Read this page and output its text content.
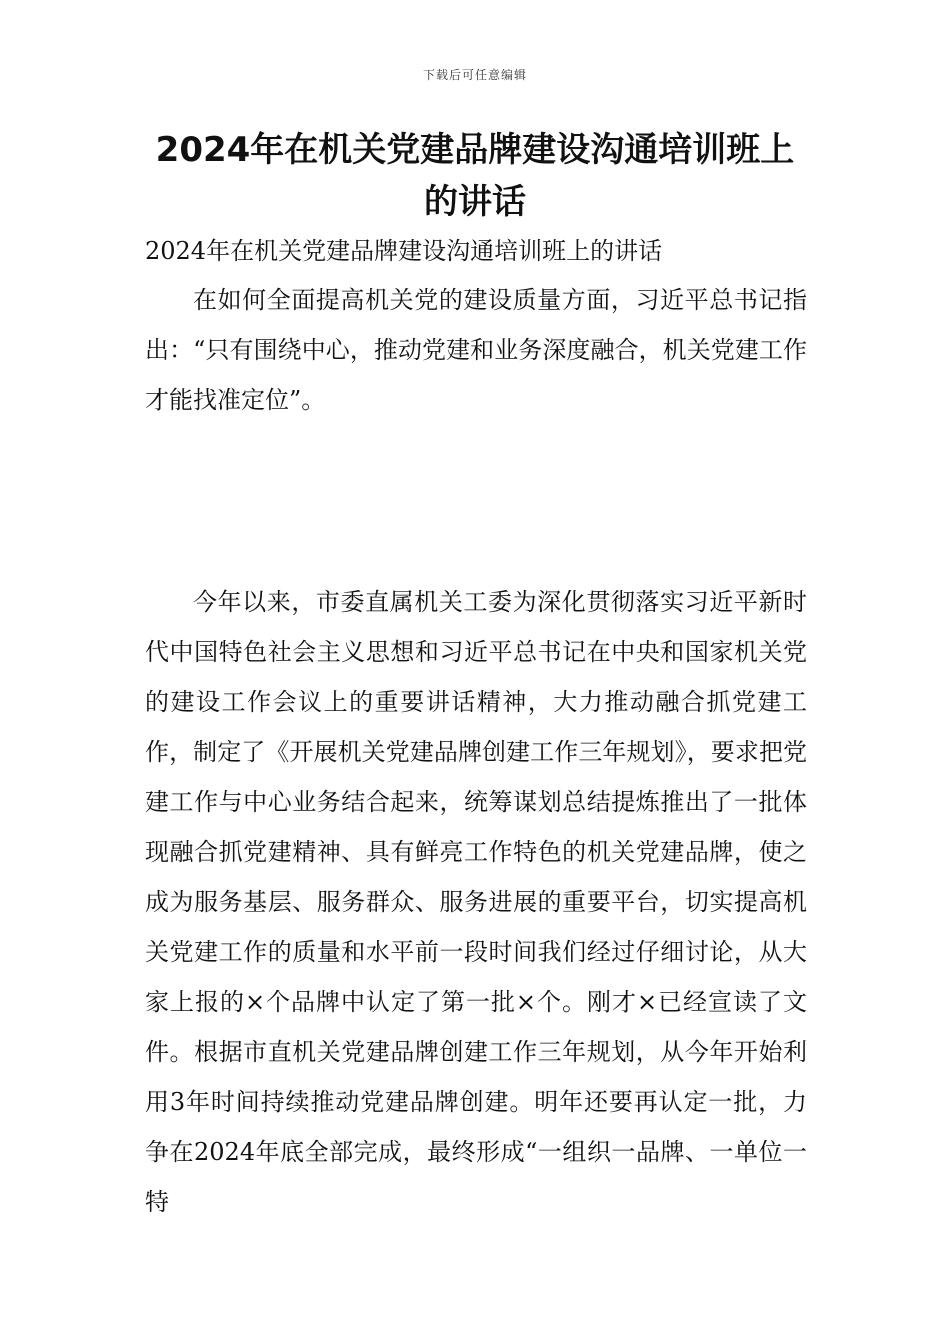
下载后可任意编辑
2024年在机关党建品牌建设沟通培训班上的讲话

2024年在机关党建品牌建设沟通培训班上的讲话

在如何全面提高机关党的建设质量方面，习近平总书记指出：“只有围绕中心，推动党建和业务深度融合，机关党建工作才能找准定位”。

今年以来，市委直属机关工委为深化贯彻落实习近平新时代中国特色社会主义思想和习近平总书记在中央和国家机关党的建设工作会议上的重要讲话精神，大力推动融合抓党建工作，制定了《开展机关党建品牌创建工作三年规划》，要求把党建工作与中心业务结合起来，统筹谋划总结提炼推出了一批体现融合抓党建精神、具有鲜亮工作特色的机关党建品牌，使之成为服务基层、服务群众、服务进展的重要平台，切实提高机关党建工作的质量和水平前一段时间我们经过仔细讨论，从大家上报的×个品牌中认定了第一批×个。刚才×已经宣读了文件。根据市直机关党建品牌创建工作三年规划，从今年开始利用3年时间持续推动党建品牌创建。明年还要再认定一批，力争在2024年底全部完成，最终形成“一组织一品牌、一单位一特
